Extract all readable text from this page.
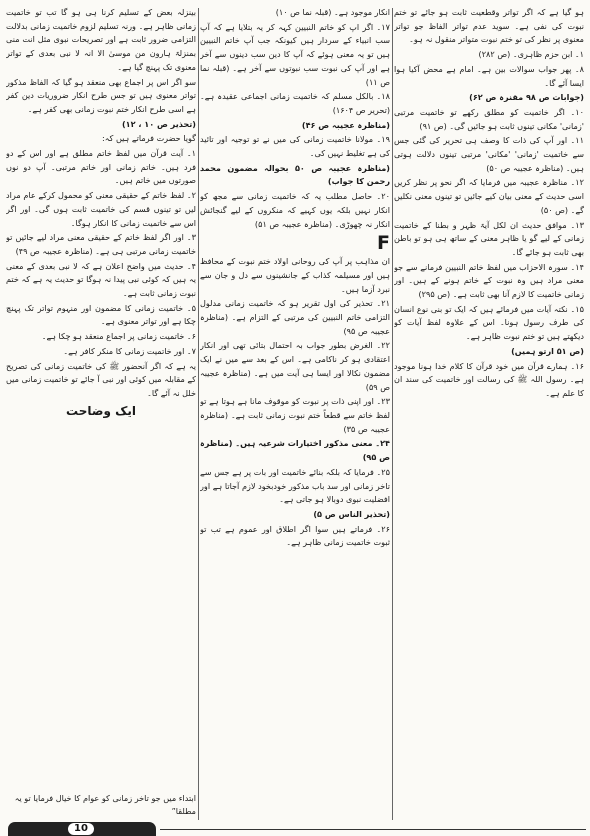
ہو گیا ہے کہ اگر تواتر وقطعیت ثابت ہو جائے تو ختم نبوت کی نفی ہے۔ سوید عدم تواتر الفاظ جو تواتر معنوی پر نظر کی تو ختم نبوت متواتر منقول نہ ہو۔

۱۔ ابن حزم ظاہری۔ (ص ۲۸۲)

۸۔ پھر جواب سوالات بین ہے۔ امام ہے محض آکیا ہوا ایسا آئے گا۔

(جوابات ص ۹۸ مقنرہ ص ۶۲)

۱۰۔ اگر خاتمیت کو مطلق رکھے تو خاتمیت مرتبی 'زمانی' مکانی تینوں ثابت ہو جائیں گی۔ (ص ۹۱)

۱۱۔ اور آپ کی ذات کا وصف ہی تحریر کی گئی جس سے خاتمیت 'زمانی' 'مکانی' مرتبی تینوں دلالت ہوتی ہیں۔ (مناظرہ عجیبہ ص ۵۰)

۱۲۔ مناظرہ عجیبہ میں فرمایا کہ اگر نحو پر نظر کریں اسی حدیث کے معنی بیان کیے جائیں تو تینوں معنی نکلیں گے۔ (ص ۵۰)

۱۳۔ موافق حدیث ان لکل آیۃ ظہر و بطنا کے خاتمیت زمانی کے لیے گو یا ظاہر معنی کے ساتھ ہی ہو تو باطن بھی ثابت ہو جائے گا۔

۱۴۔ سورہ الاحزاب میں لفظ خاتم النبیین فرمانے سے جو معنی مراد ہیں وہ نبوت کے خاتم ہونے کے ہیں۔ اور زمانی خاتمیت کا لازم آنا بھی ثابت ہے۔ (ص ۲۹۵)

۱۵۔ نکتہ آیات میں فرمائے ہیں کہ ایک تو بنی نوع انسان کی طرف رسول ہونا۔ اس کے علاوہ لفظ آیات کو دیکھتے ہیں تو ختم نبوت ظاہر ہے۔

(ص ۵۱ ارتو ہمیں)

۱۶۔ ہمارے قرآن میں خود قرآن کا کلام خدا ہونا موجود ہے۔ رسول اللہ ﷺ کی رسالت اور خاتمیت کی سند ان کا علم ہے۔

انکار موجود ہے۔ (قبلہ نما ص ۱۰)

۱۷۔ اگر اپ کو خاتم النبیین کہہ کر یہ بتلایا ہے کہ آپ سب انبیاء کے سردار ہیں کیونکہ جب آپ خاتم النبیین ہیں تو یہ معنی ہوئے کہ آپ کا دین سب دینوں سے آخر ہے اور آپ کی نبوت سب نبوتوں سے آخر ہے۔ (قبلہ نما ص ۱۱)

۱۸۔ بالکل مسلم کہ خاتمیت زمانی اجماعی عقیدہ ہے۔ (تحریر ص ۱۶۰۴)

(مناظرہ عجیبہ ص ۴۶)

۱۹۔ مولانا خاتمیت زمانی کی میں نے تو توجیہ اور تائید کی ہے تغلیط نہیں کی۔

(مناظرہ عجیبہ ص ۵۰ بحوالہ مضمون محمد رحمن کا جواب)

۲۰۔ حاصل مطلب یہ کہ خاتمیت زمانی سے مجھ کو انکار نہیں بلکہ یوں کہیے کہ منکروں کے لیے گنجائش انکار نہ چھوڑی۔ (مناظرہ عجیبہ ص ۵۱)

F

ان مذاہب پر آپ کی روحانی اولاد ختم نبوت کے محافظ ہیں اور مسیلمہ کذاب کے جانشینوں سے دل و جان سے نبرد آزما ہیں۔

۲۱۔ تحذیر کی اول تقریر ہو کہ خاتمیت زمانی مدلول التزامی خاتم النبیین کی مرتبی کے التزام ہے۔ (مناظرہ عجیبہ ص ۹۵)

۲۲۔ الغرض بطور جواب بہ احتمال بتائی تھی اور انکار اعتقادی ہو کر ناکامی ہے۔ اس کے بعد سے میں نے ایک مضمون نکالا اور ایسا ہی آیت میں ہے۔ (مناظرہ عجیبہ ص ۵۹)

۲۳۔ اور اپنی ذات پر نبوت کو موقوف مانا ہے ہوتا ہے تو لفظ خاتم سے قطعاً ختم نبوت زمانی ثابت ہے۔ (مناظرہ عجیبہ ص ۳۵)

۲۴۔ معنی مذکور اختیارات شرعیہ ہیں۔ (مناظرہ ص ۹۵)

۲۵۔ فرمایا کہ بلکہ بنائے خاتمیت اور بات پر ہے جس سے تاخر زمانی اور سد باب مذکور خودبخود لازم آجاتا ہے اور افضلیت نبوی دوبالا ہو جاتی ہے۔

(تحذیر الناس ص ۵)

۲۶۔ فرماتے ہیں سوا اگر اطلاق اور عموم ہے تب تو ثبوت خاتمیت زمانی ظاہر ہے۔

بینزلہ بعض کے تسلیم کرنا ہی ہو گا تب تو خاتمیت زمانی ظاہر ہے۔ ورنہ تسلیم لزوم خاتمیت زمانی بدلالت التزامی ضرور ثابت ہے اور تصریحات نبوی مثل انت منی بمنزلۃ ہارون من موسیٰ الا انہ لا نبی بعدی کے تواتر معنوی تک پہنچ گیا ہے۔

سو اگر اس پر اجماع بھی منعقد ہو گیا کہ الفاظ مذکور تواتر معنوی ہیں تو جس طرح انکار ضروریات دین کفر ہے اسی طرح انکار ختم نبوت زمانی بھی کفر ہے۔

(تحذیر ص ۱۰ ، ۱۲)

گویا حضرت فرماتے ہیں کہ:

۱۔ آیت قرآن میں لفظ خاتم مطلق ہے اور اس کے دو فرد ہیں۔ خاتم زمانی اور خاتم مرتبی۔ آپ دو نوں صورتوں میں خاتم ہیں۔

۲۔ لفظ خاتم کے حقیقی معنی کو محمول کرکے عام مراد لیں تو تینوں قسم کی خاتمیت ثابت ہوں گی۔ اور اگر اس سے خاتمیت زمانی کا انکار ہوگا۔

۳۔ اور اگر لفظ خاتم کے حقیقی معنی مراد لیے جائیں تو خاتمیت زمانی مرتبی ہی ہے۔ (مناظرہ عجیبہ ص ۴۹)

۴۔ حدیث میں واضح اعلان ہے کہ لا نبی بعدی کے معنی یہ ہیں کہ کوئی نبی پیدا نہ ہوگا تو حدیث یہ ہے کہ ختم نبوت زمانی ثابت ہے۔

۵۔ خاتمیت زمانی کا مضمون اور منہوم تواتر تک پہنچ چکا ہے اور تواتر معنوی ہے۔

۶۔ خاتمیت زمانی پر اجماع منعقد ہو چکا ہے۔

۷۔ اور خاتمیت زمانی کا منکر کافر ہے۔

یہ ہے کہ اگر آنحضور ﷺ کی خاتمیت زمانی کی تصریح کے مقابلہ میں کوئی اور نبی آ جائے تو خاتمیت زمانی میں خلل نہ آئے گا۔

ایک وضاحت
ابتداء میں جو تاخر زمانی کو عوام کا خیال فرمایا تو یہ مطلقا”
10
